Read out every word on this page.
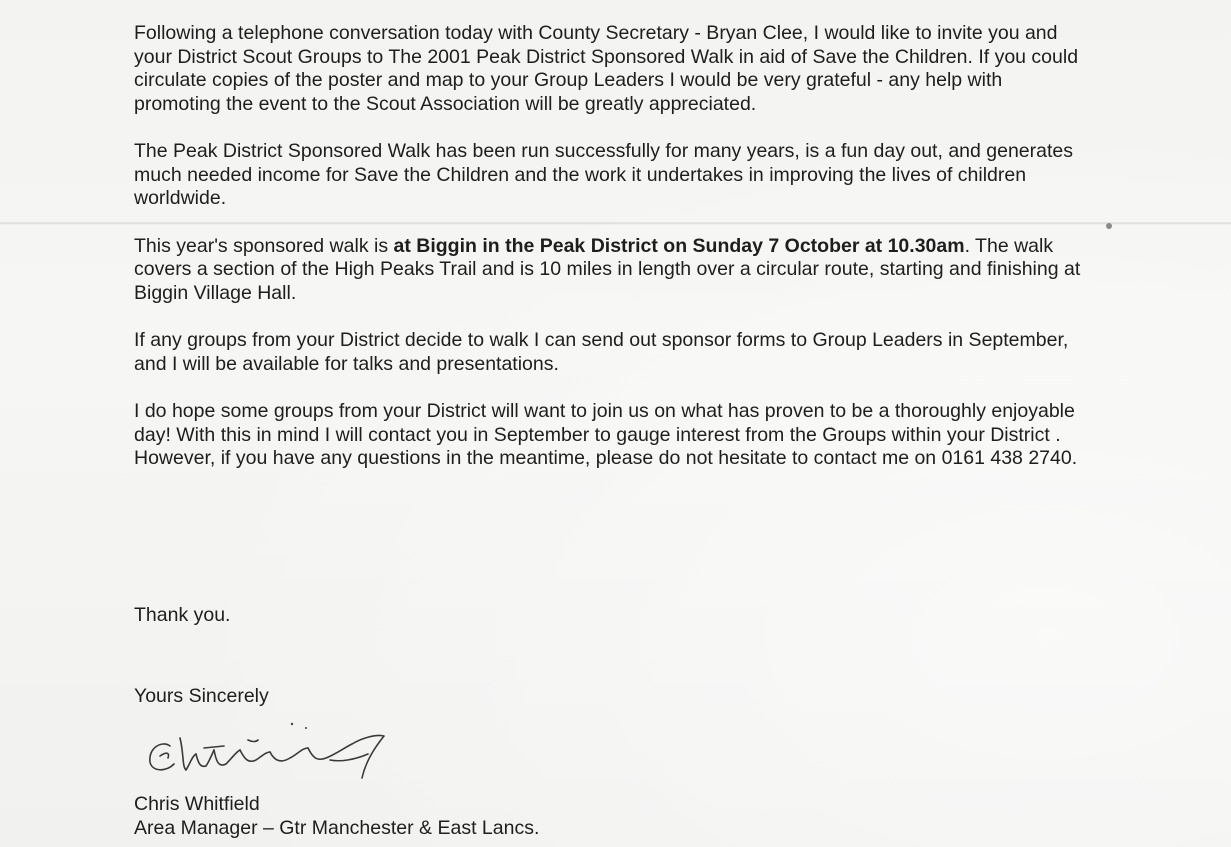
Following a telephone conversation today with County Secretary - Bryan Clee, I would like to invite you and your District Scout Groups to The 2001 Peak District Sponsored Walk in aid of Save the Children. If you could circulate copies of the poster and map to your Group Leaders I would be very grateful - any help with promoting the event to the Scout Association will be greatly appreciated.

The Peak District Sponsored Walk has been run successfully for many years, is a fun day out, and generates much needed income for Save the Children and the work it undertakes in improving the lives of children worldwide.

This year's sponsored walk is at Biggin in the Peak District on Sunday 7 October at 10.30am. The walk covers a section of the High Peaks Trail and is 10 miles in length over a circular route, starting and finishing at Biggin Village Hall.

If any groups from your District decide to walk I can send out sponsor forms to Group Leaders in September, and I will be available for talks and presentations.

I do hope some groups from your District will want to join us on what has proven to be a thoroughly enjoyable day! With this in mind I will contact you in September to gauge interest from the Groups within your District . However, if you have any questions in the meantime, please do not hesitate to contact me on 0161 438 2740.

Thank you.
Yours Sincerely
Chris Whitfield
Area Manager – Gtr Manchester & East Lancs.
